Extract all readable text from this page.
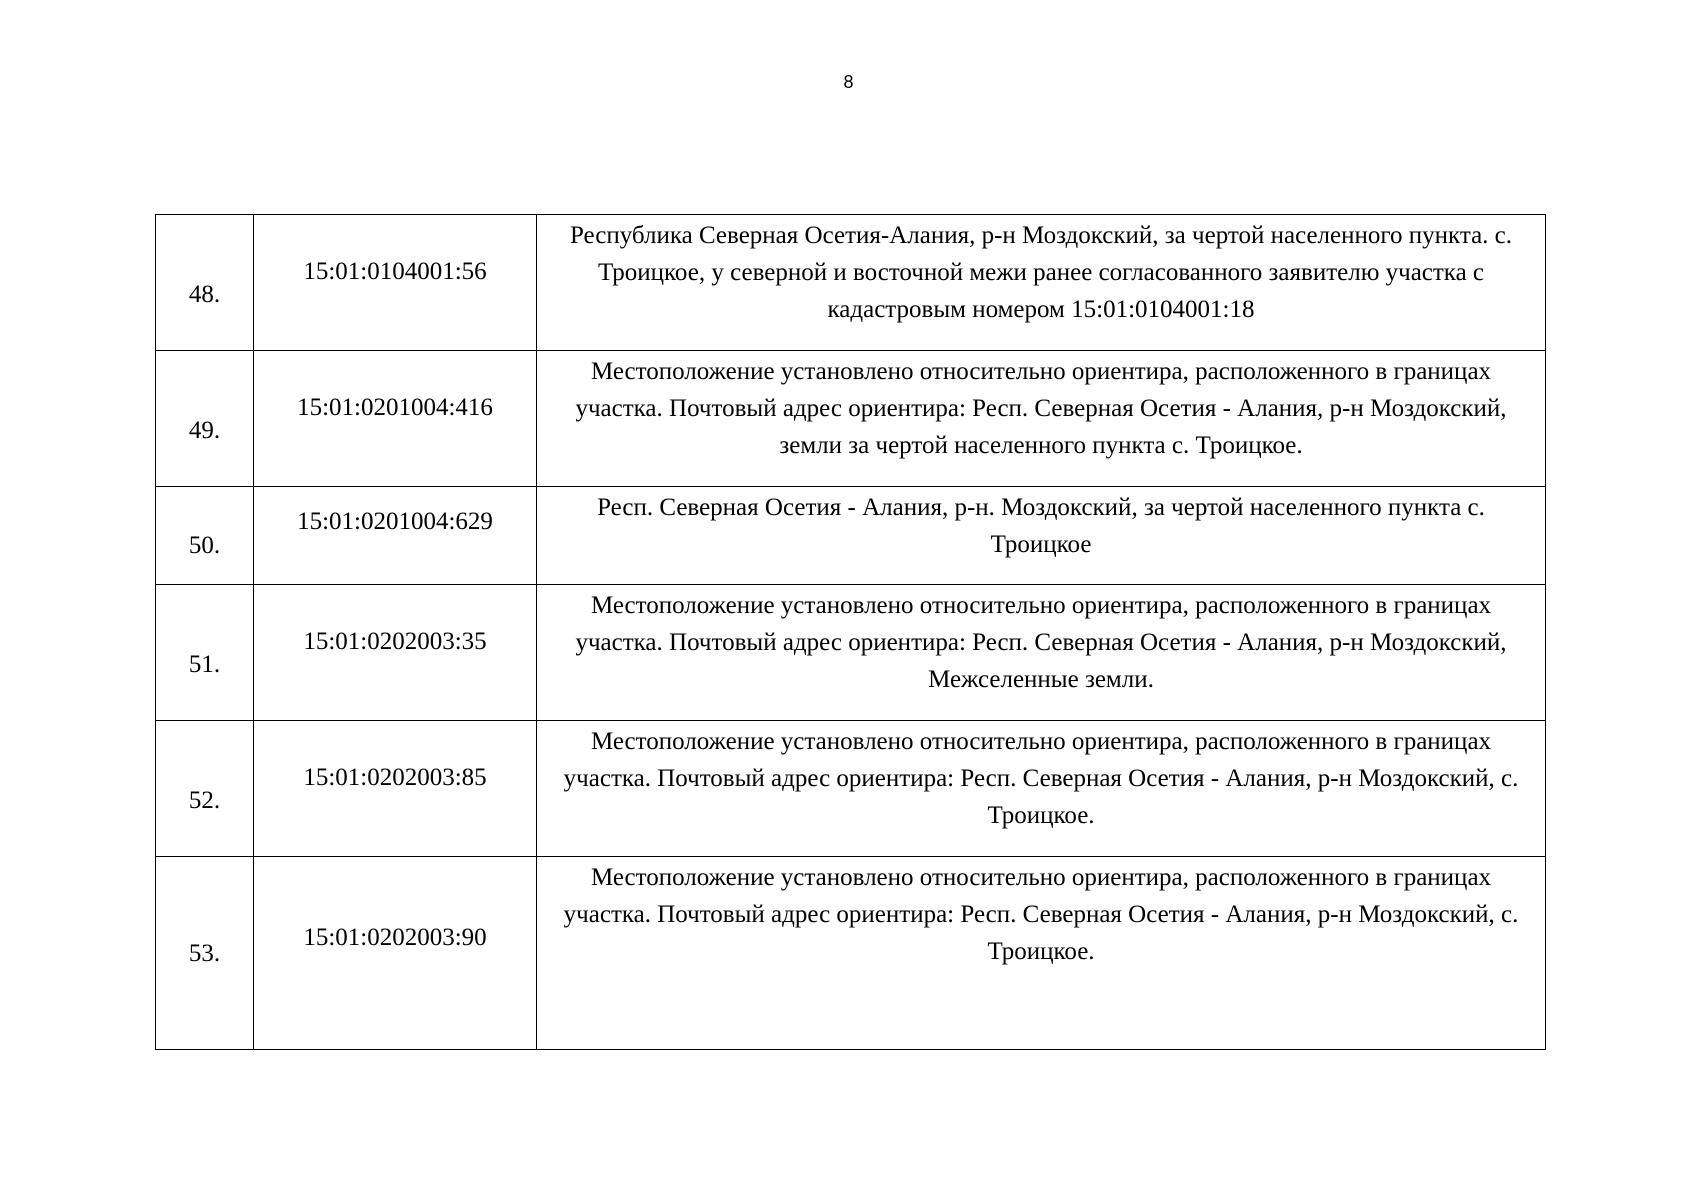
8
48.	15:01:0104001:56	Республика Северная Осетия-Алания, р-н Моздокский, за чертой населенного пункта. с. Троицкое, у северной и восточной межи ранее согласованного заявителю участка с кадастровым номером 15:01:0104001:18

49.	15:01:0201004:416	Местоположение установлено относительно ориентира, расположенного в границах участка. Почтовый адрес ориентира: Респ. Северная Осетия - Алания, р-н Моздокский, земли за чертой населенного пункта с. Троицкое.

50.	15:01:0201004:629	Респ. Северная Осетия - Алания, р-н. Моздокский, за чертой населенного пункта с. Троицкое

51.	15:01:0202003:35	Местоположение установлено относительно ориентира, расположенного в границах участка. Почтовый адрес ориентира: Респ. Северная Осетия - Алания, р-н Моздокский, Межселенные земли.

52.	15:01:0202003:85	Местоположение установлено относительно ориентира, расположенного в границах участка. Почтовый адрес ориентира: Респ. Северная Осетия - Алания, р-н Моздокский, с. Троицкое.

53.	15:01:0202003:90	Местоположение установлено относительно ориентира, расположенного в границах участка. Почтовый адрес ориентира: Респ. Северная Осетия - Алания, р-н Моздокский, с. Троицкое.
